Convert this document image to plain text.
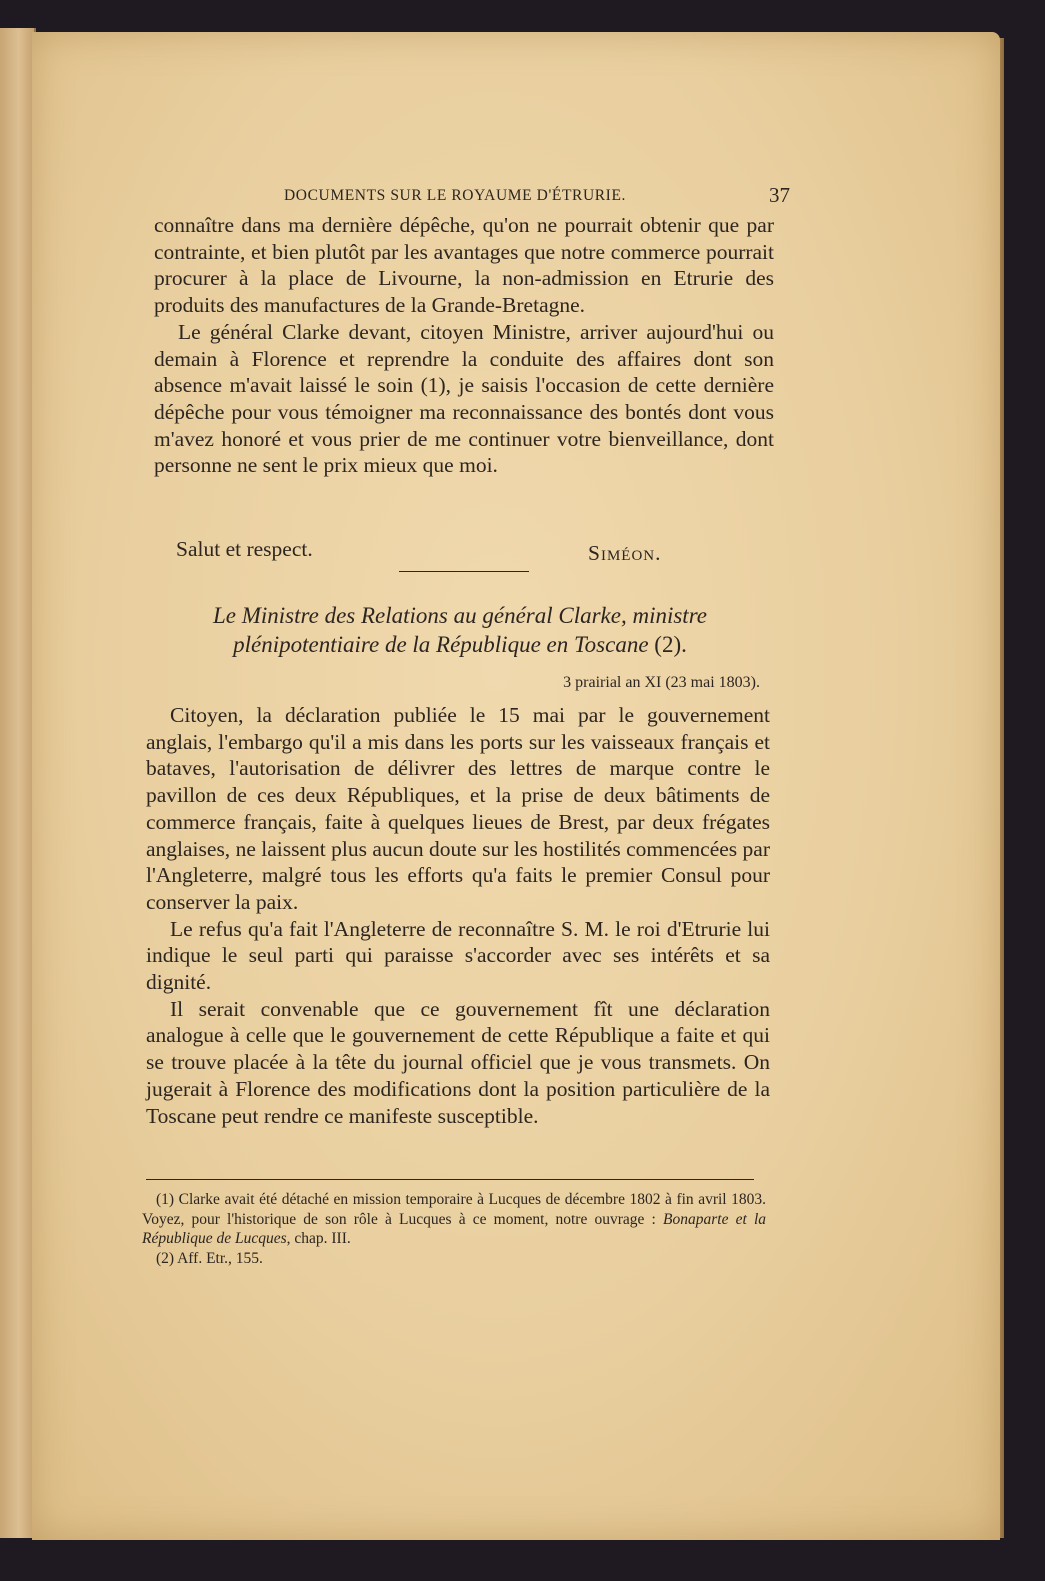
DOCUMENTS SUR LE ROYAUME D'ÉTRURIE.	37

connaître dans ma dernière dépêche, qu'on ne pourrait obtenir que par contrainte, et bien plutôt par les avantages que notre commerce pourrait procurer à la place de Livourne, la non-admission en Etrurie des produits des manufactures de la Grande-Bretagne.

Le général Clarke devant, citoyen Ministre, arriver aujourd'hui ou demain à Florence et reprendre la conduite des affaires dont son absence m'avait laissé le soin (1), je saisis l'occasion de cette dernière dépêche pour vous témoigner ma reconnaissance des bontés dont vous m'avez honoré et vous prier de me continuer votre bienveillance, dont personne ne sent le prix mieux que moi.

Salut et respect.	Siméon.
Le Ministre des Relations au général Clarke, ministre plénipotentiaire de la République en Toscane (2).
3 prairial an XI (23 mai 1803).

Citoyen, la déclaration publiée le 15 mai par le gouvernement anglais, l'embargo qu'il a mis dans les ports sur les vaisseaux français et bataves, l'autorisation de délivrer des lettres de marque contre le pavillon de ces deux Républiques, et la prise de deux bâtiments de commerce français, faite à quelques lieues de Brest, par deux frégates anglaises, ne laissent plus aucun doute sur les hostilités commencées par l'Angleterre, malgré tous les efforts qu'a faits le premier Consul pour conserver la paix.

Le refus qu'a fait l'Angleterre de reconnaître S. M. le roi d'Etrurie lui indique le seul parti qui paraisse s'accorder avec ses intérêts et sa dignité.

Il serait convenable que ce gouvernement fît une déclaration analogue à celle que le gouvernement de cette République a faite et qui se trouve placée à la tête du journal officiel que je vous transmets. On jugerait à Florence des modifications dont la position particulière de la Toscane peut rendre ce manifeste susceptible.

(1) Clarke avait été détaché en mission temporaire à Lucques de décembre 1802 à fin avril 1803. Voyez, pour l'historique de son rôle à Lucques à ce moment, notre ouvrage : Bonaparte et la République de Lucques, chap. III.

(2) Aff. Etr., 155.
